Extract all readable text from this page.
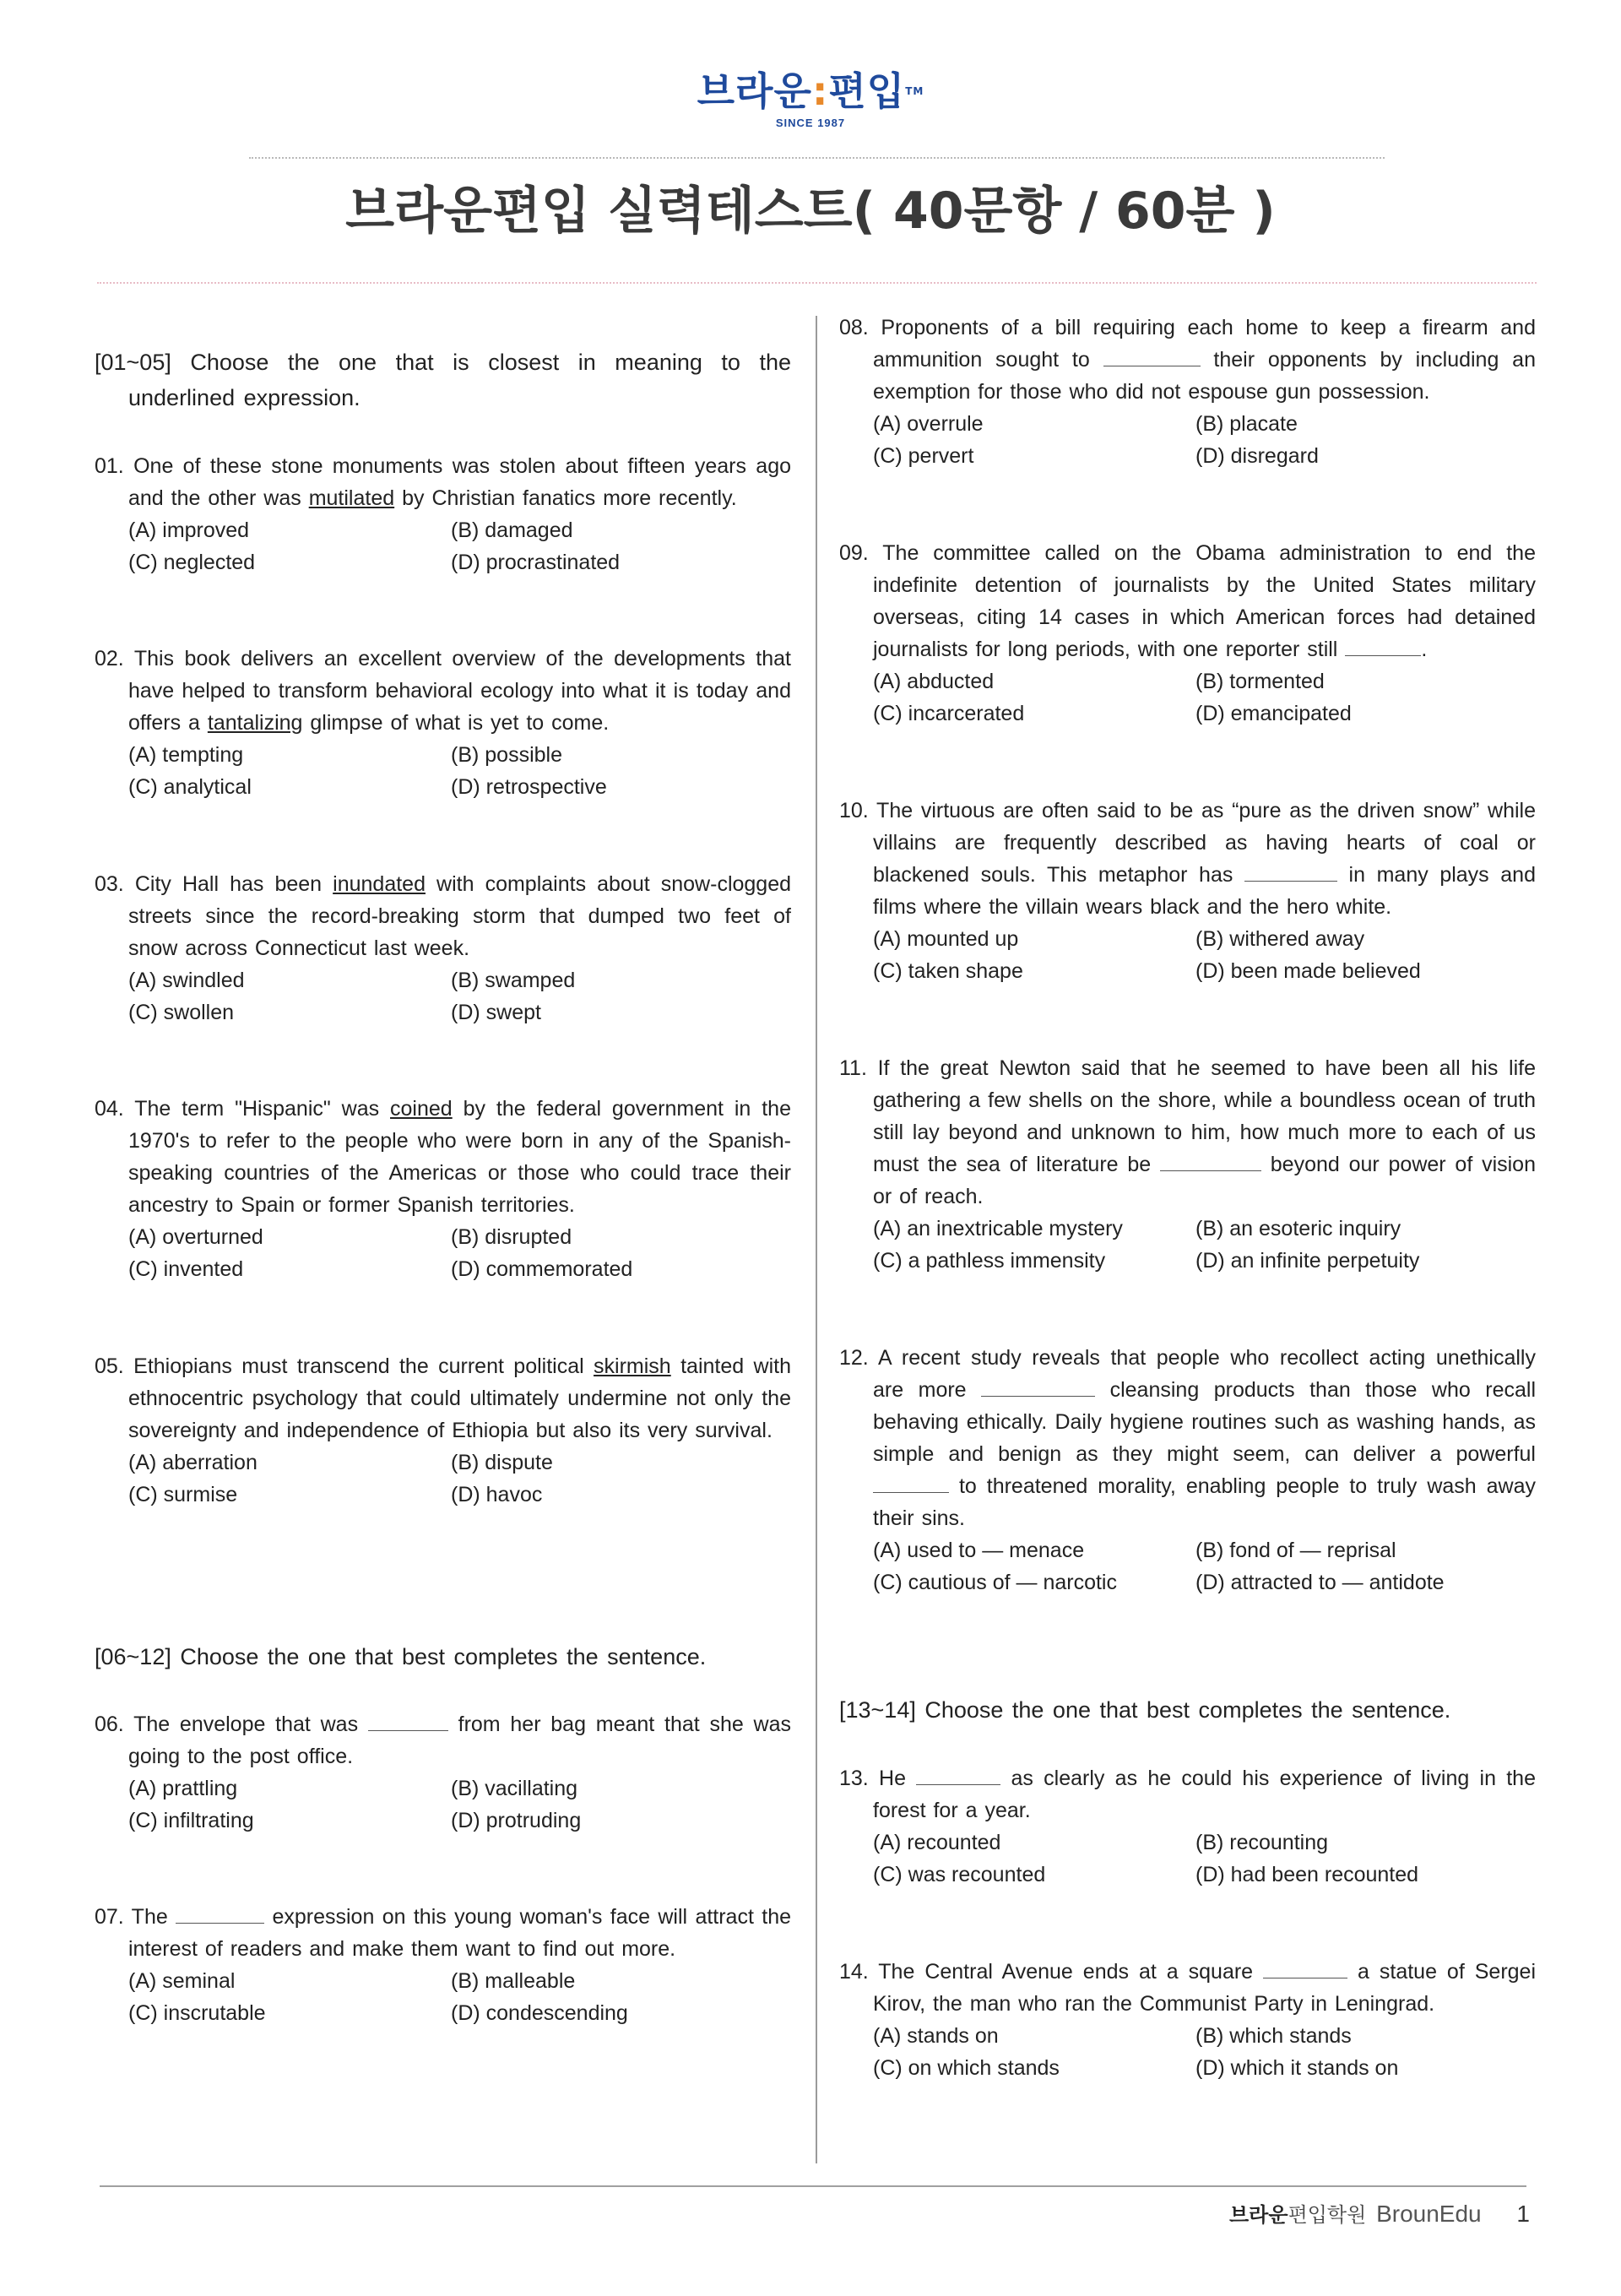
브라운:편입™
SINCE 1987
브라운편입 실력테스트( 40문항 / 60분 )
[01~05] Choose the one that is closest in meaning to the underlined expression.
01. One of these stone monuments was stolen about fifteen years ago and the other was mutilated by Christian fanatics more recently.
(A) improved	(B) damaged
(C) neglected	(D) procrastinated
02. This book delivers an excellent overview of the developments that have helped to transform behavioral ecology into what it is today and offers a tantalizing glimpse of what is yet to come.
(A) tempting	(B) possible
(C) analytical	(D) retrospective
03. City Hall has been inundated with complaints about snow-clogged streets since the record-breaking storm that dumped two feet of snow across Connecticut last week.
(A) swindled	(B) swamped
(C) swollen	(D) swept
04. The term "Hispanic" was coined by the federal government in the 1970's to refer to the people who were born in any of the Spanish-speaking countries of the Americas or those who could trace their ancestry to Spain or former Spanish territories.
(A) overturned	(B) disrupted
(C) invented	(D) commemorated
05. Ethiopians must transcend the current political skirmish tainted with ethnocentric psychology that could ultimately undermine not only the sovereignty and independence of Ethiopia but also its very survival.
(A) aberration	(B) dispute
(C) surmise	(D) havoc
[06~12] Choose the one that best completes the sentence.
06. The envelope that was	from her bag meant that she was going to the post office.
(A) prattling	(B) vacillating
(C) infiltrating	(D) protruding
07. The	expression on this young woman's face will attract the interest of readers and make them want to find out more.
(A) seminal	(B) malleable
(C) inscrutable	(D) condescending
08. Proponents of a bill requiring each home to keep a firearm and ammunition sought to	their opponents by including an exemption for those who did not espouse gun possession.
(A) overrule	(B) placate
(C) pervert	(D) disregard
09. The committee called on the Obama administration to end the indefinite detention of journalists by the United States military overseas, citing 14 cases in which American forces had detained journalists for long periods, with one reporter still	.
(A) abducted	(B) tormented
(C) incarcerated	(D) emancipated
10. The virtuous are often said to be as “pure as the driven snow” while villains are frequently described as having hearts of coal or blackened souls. This metaphor has	in many plays and films where the villain wears black and the hero white.
(A) mounted up	(B) withered away
(C) taken shape	(D) been made believed
11. If the great Newton said that he seemed to have been all his life gathering a few shells on the shore, while a boundless ocean of truth still lay beyond and unknown to him, how much more to each of us must the sea of literature be	beyond our power of vision or of reach.
(A) an inextricable mystery	(B) an esoteric inquiry
(C) a pathless immensity	(D) an infinite perpetuity
12. A recent study reveals that people who recollect acting unethically are more	cleansing products than those who recall behaving ethically. Daily hygiene routines such as washing hands, as simple and benign as they might seem, can deliver a powerful  to threatened morality, enabling people to truly wash away their sins.
(A) used to ― menace	(B) fond of ― reprisal
(C) cautious of ― narcotic	(D) attracted to ― antidote
[13~14] Choose the one that best completes the sentence.
13. He	as clearly as he could his experience of living in the forest for a year.
(A) recounted	(B) recounting
(C) was recounted	(D) had been recounted
14. The Central Avenue ends at a square	a statue of Sergei Kirov, the man who ran the Communist Party in Leningrad.
(A) stands on	(B) which stands
(C) on which stands	(D) which it stands on
브라운편입학원 BrounEdu 1
